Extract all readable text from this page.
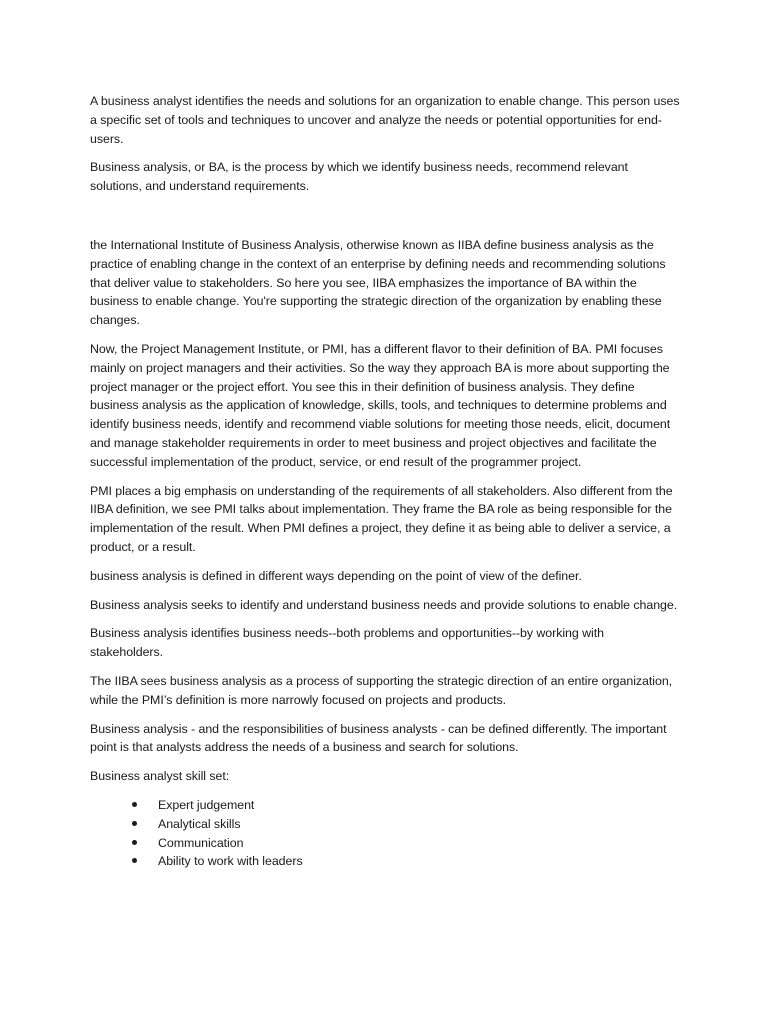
A business analyst identifies the needs and solutions for an organization to enable change. This person uses a specific set of tools and techniques to uncover and analyze the needs or potential opportunities for end-users.

Business analysis, or BA, is the process by which we identify business needs, recommend relevant solutions, and understand requirements.

the International Institute of Business Analysis, otherwise known as IIBA define business analysis as the practice of enabling change in the context of an enterprise by defining needs and recommending solutions that deliver value to stakeholders. So here you see, IIBA emphasizes the importance of BA within the business to enable change. You're supporting the strategic direction of the organization by enabling these changes.

Now, the Project Management Institute, or PMI, has a different flavor to their definition of BA. PMI focuses mainly on project managers and their activities. So the way they approach BA is more about supporting the project manager or the project effort. You see this in their definition of business analysis. They define business analysis as the application of knowledge, skills, tools, and techniques to determine problems and identify business needs, identify and recommend viable solutions for meeting those needs, elicit, document and manage stakeholder requirements in order to meet business and project objectives and facilitate the successful implementation of the product, service, or end result of the programmer project.

PMI places a big emphasis on understanding of the requirements of all stakeholders. Also different from the IIBA definition, we see PMI talks about implementation. They frame the BA role as being responsible for the implementation of the result. When PMI defines a project, they define it as being able to deliver a service, a product, or a result.

business analysis is defined in different ways depending on the point of view of the definer.

Business analysis seeks to identify and understand business needs and provide solutions to enable change.

Business analysis identifies business needs--both problems and opportunities--by working with stakeholders.

The IIBA sees business analysis as a process of supporting the strategic direction of an entire organization, while the PMI’s definition is more narrowly focused on projects and products.

Business analysis - and the responsibilities of business analysts - can be defined differently. The important point is that analysts address the needs of a business and search for solutions.

Business analyst skill set:

Expert judgement
Analytical skills
Communication
Ability to work with leaders
